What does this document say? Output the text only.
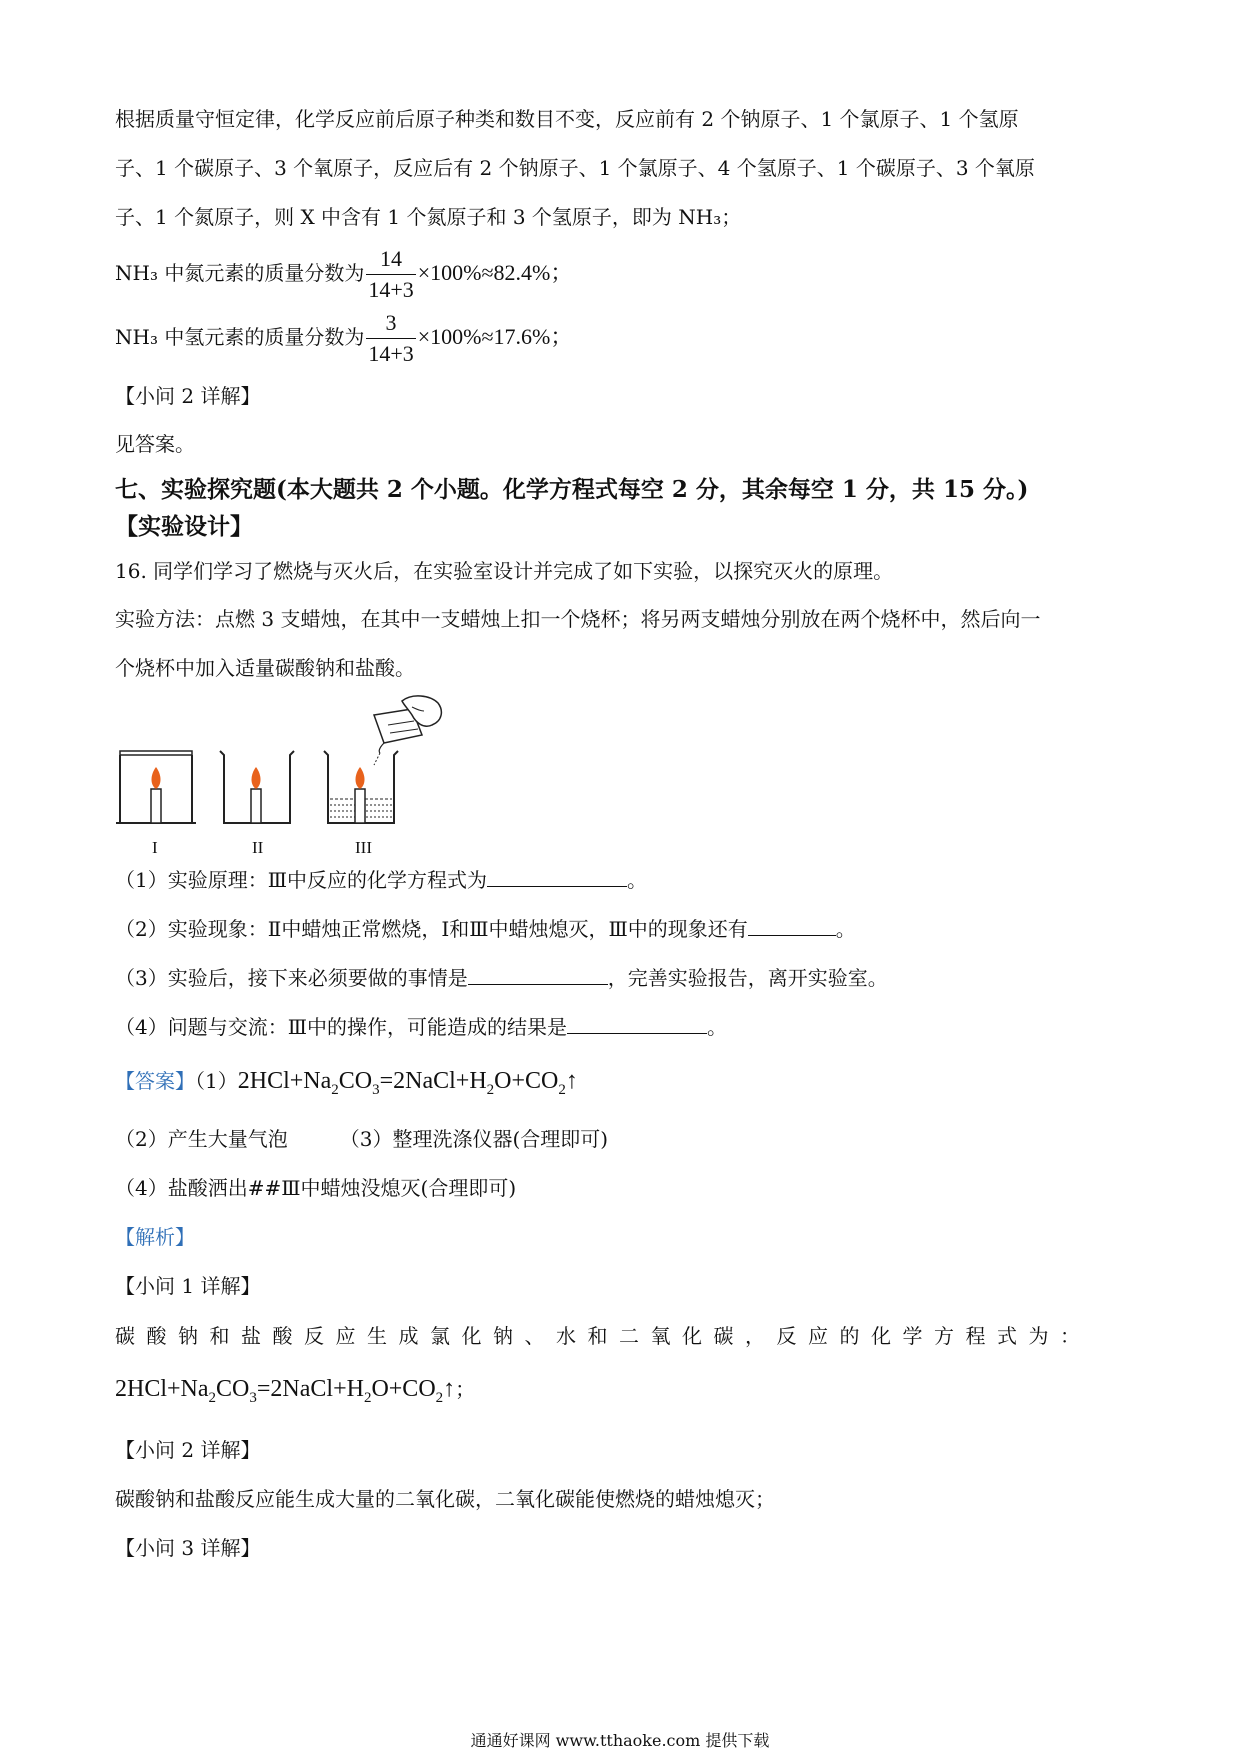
根据质量守恒定律，化学反应前后原子种类和数目不变，反应前有 2 个钠原子、1 个氯原子、1 个氢原
子、1 个碳原子、3 个氧原子，反应后有 2 个钠原子、1 个氯原子、4 个氢原子、1 个碳原子、3 个氧原
子、1 个氮原子，则 X 中含有 1 个氮原子和 3 个氢原子，即为 NH₃；
NH₃ 中氮元素的质量分数为 $\frac{14}{14+3} \times 100\%\approx 82.4\%$；
NH₃ 中氢元素的质量分数为 $\frac{3}{14+3} \times 100\%\approx 17.6\%$；
【小问 2 详解】
见答案。
七、实验探究题(本大题共 2 个小题。化学方程式每空 2 分，其余每空 1 分，共 15 分。)
【实验设计】
16. 同学们学习了燃烧与灭火后，在实验室设计并完成了如下实验，以探究灭火的原理。
实验方法：点燃 3 支蜡烛，在其中一支蜡烛上扣一个烧杯；将另两支蜡烛分别放在两个烧杯中，然后向一
个烧杯中加入适量碳酸钠和盐酸。
I	II	III
（1）实验原理：Ⅲ中反应的化学方程式为	。
（2）实验现象：Ⅱ中蜡烛正常燃烧，Ⅰ和Ⅲ中蜡烛熄灭，Ⅲ中的现象还有	。
（3）实验后，接下来必须要做的事情是	，完善实验报告，离开实验室。
（4）问题与交流：Ⅲ中的操作，可能造成的结果是	。
【答案】$(1)2HCl+Na_2CO_3=2NaCl+H_2O+CO_2↑$
（2）产生大量气泡	（3）整理洗涤仪器(合理即可)
（4）盐酸洒出##Ⅲ中蜡烛没熄灭(合理即可)
【解析】
【小问 1 详解】
碳酸钠和盐酸反应生成氯化钠、水和二氧化碳，反应的化学方程式为：
$2HCl+Na_2CO_3=2NaCl+H_2O+CO_2↑$；
【小问 2 详解】
碳酸钠和盐酸反应能生成大量的二氧化碳，二氧化碳能使燃烧的蜡烛熄灭；
【小问 3 详解】
通通好课网 www.tthaoke.com 提供下载
